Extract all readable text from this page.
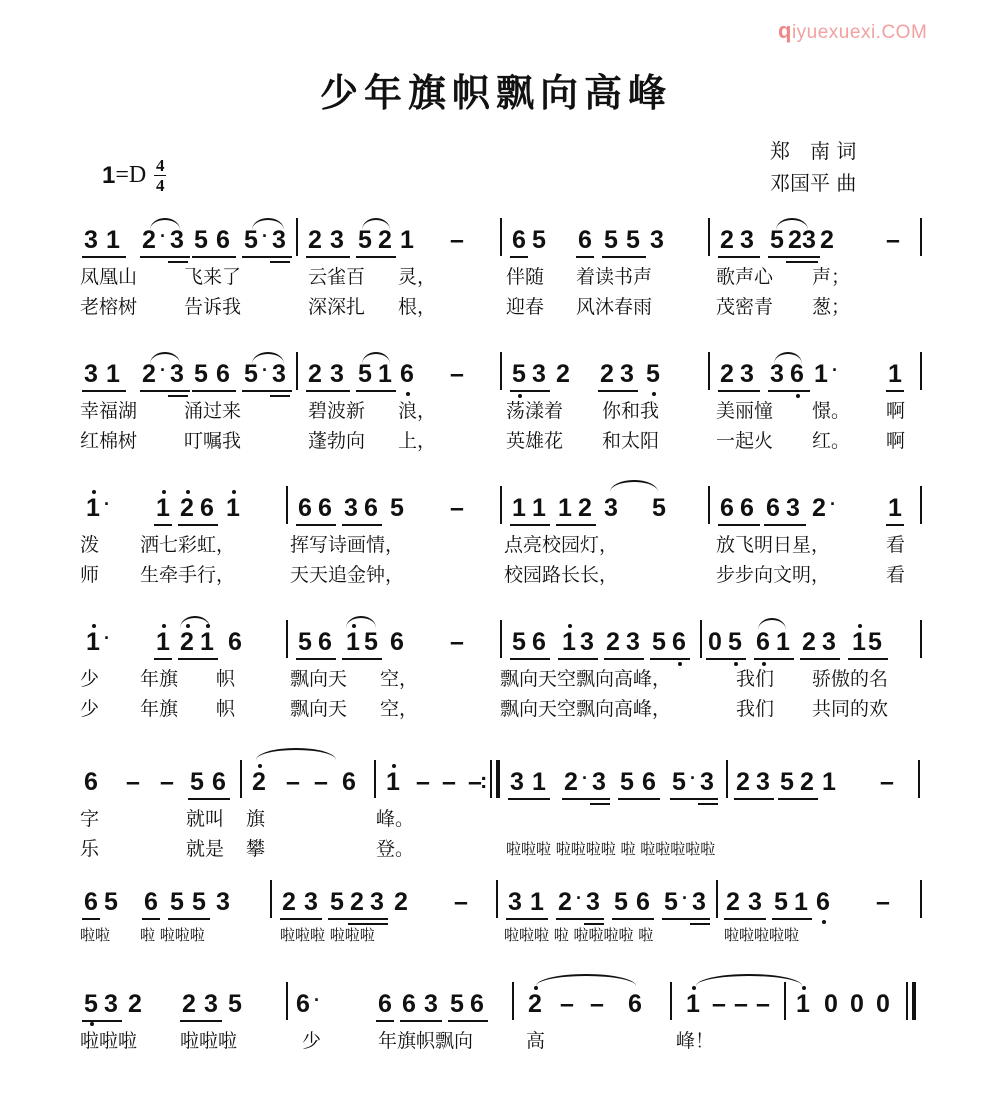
qiyuexuexi.COM
少年旗帜飘向高峰
郑　南 词
邓国平 曲
$1 =D \frac{4}{4}$
3 1 2 · 3 5 6 5 · 3 2 3 5 2 1 – 6 5 6 5 5 3 2 3 5 2 3 2 –
凤凰山 飞来了	云雀百 灵，	伴随 着读书声	歌声心 声；
老榕树 告诉我	深深扎 根，	迎春 风沐春雨	茂密青 葱；
3 1 2 · 3 5 6 5 · 3 2 3 5 1 6 – 5 3 2 2 3 5 2 3 3 6 1 · 1
幸福湖 涌过来	碧波新 浪，	荡漾着 你和我	美丽憧 憬。 啊
红棉树 叮嘱我	蓬勃向 上，	英雄花 和太阳	一起火 红。 啊
1 · 1 2 6 1 6 6 3 6 5 – 1 1 1 2 3 5 6 6 6 3 2 · 1
泼 洒七彩虹，	挥写诗画情，	点亮校园灯，	放飞明日星，	看
师 生牵手行，	天天追金钟，	校园路长长，	步步向文明，	看
1 · 1 2 1 6 5 6 1 5 6 – 5 6 1 3 2 3 5 6 0 5 6 1 2 3 1 5
少 年旗 帜	飘向天 空，	飘向天空飘向高峰，	我们 骄傲的名
少 年旗 帜	飘向天 空，	飘向天空飘向高峰，	我们 共同的欢
6 – – 5 6 2 – – 6 1 – – –
: 3 1 2 · 3 5 6 5 · 3 2 3 5 2 1 –
字	就叫 旗	峰。
乐	就是 攀	登。	啦啦啦 啦啦啦啦 啦 啦啦啦啦啦
6 5 6 5 5 3 2 3 5 2 3 2 – 3 1 2 · 3 5 6 5 · 3 2 3 5 1 6 –
啦啦 啦 啦啦啦	啦啦啦 啦啦啦	啦啦啦 啦 啦啦啦啦 啦	啦啦啦啦啦
5 3 2 2 3 5 6 · 6 6 3 5 6 2 – – 6 1 – – – 1 0 0 0
啦啦啦 啦啦啦	少	年旗帜飘向	高	峰！
